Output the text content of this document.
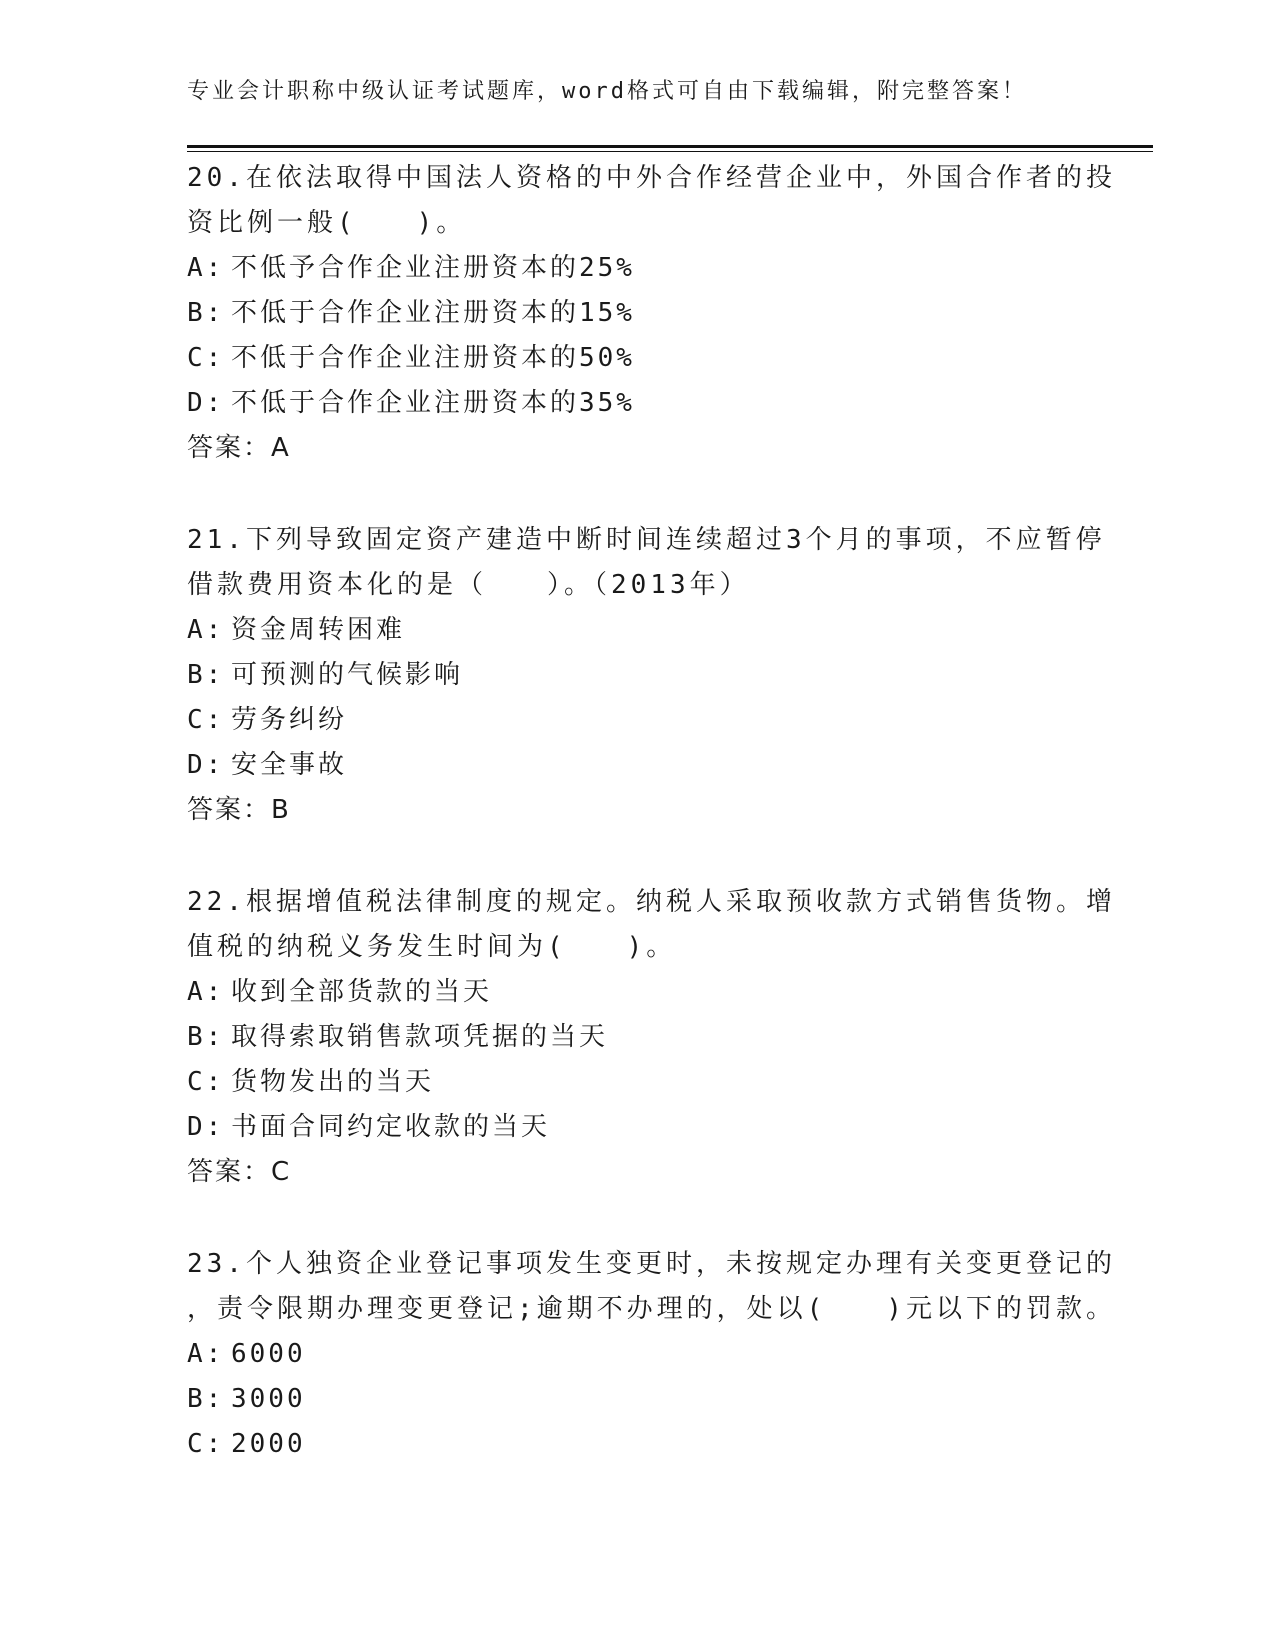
专业会计职称中级认证考试题库，word格式可自由下载编辑，附完整答案！

20.在依法取得中国法人资格的中外合作经营企业中，外国合作者的投
资比例一般(　　)。

A: 不低予合作企业注册资本的25%
B: 不低于合作企业注册资本的15%
C: 不低于合作企业注册资本的50%
D: 不低于合作企业注册资本的35%
答案：A

21.下列导致固定资产建造中断时间连续超过3个月的事项，不应暂停
借款费用资本化的是（　　）。（2013年）

A: 资金周转困难
B: 可预测的气候影响
C: 劳务纠纷
D: 安全事故
答案：B

22.根据增值税法律制度的规定。纳税人采取预收款方式销售货物。增
值税的纳税义务发生时间为(　　)。

A: 收到全部货款的当天
B: 取得索取销售款项凭据的当天
C: 货物发出的当天
D: 书面合同约定收款的当天
答案：C

23.个人独资企业登记事项发生变更时，未按规定办理有关变更登记的
，责令限期办理变更登记;逾期不办理的，处以(　　)元以下的罚款。

A: 6000
B: 3000
C: 2000
